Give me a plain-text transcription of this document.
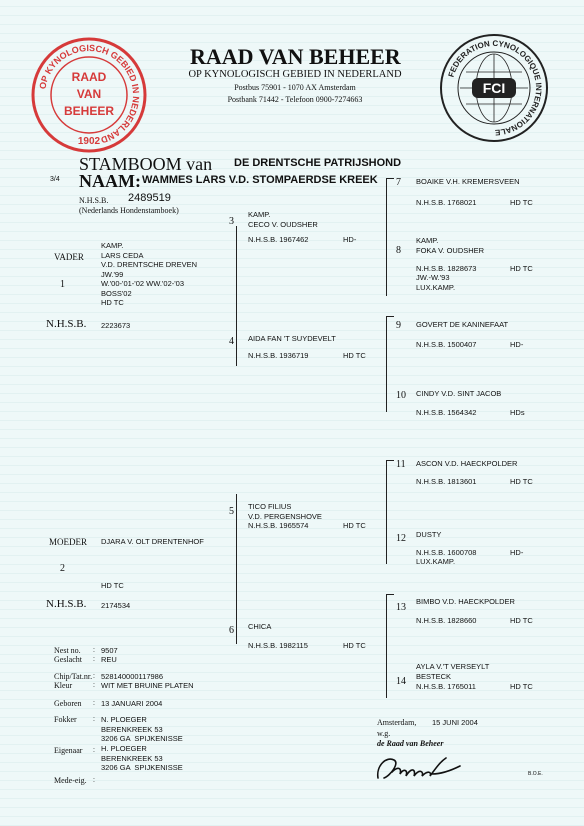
OP KYNOLOGISCH GEBIED IN NEDERLAND
RAAD
VAN
BEHEER
1902
FEDERATION CYNOLOGIQUE INTERNATIONALE
FCI
RAAD VAN BEHEER
OP KYNOLOGISCH GEBIED IN NEDERLAND
Postbus 75901 - 1070 AX Amsterdam
Postbank 71442 - Telefoon 0900-7274663
3/4
STAMBOOM van DE DRENTSCHE PATRIJSHOND
NAAM: WAMMES LARS V.D. STOMPAERDSE KREEK
N.H.S.B. 2489519
(Nederlands Hondenstamboek)
VADER
1
KAMP.
LARS CEDA
V.D. DRENTSCHE DREVEN
JW.'99
W.'00-'01-'02 WW.'02-'03
BOSS'02
HD TC
N.H.S.B. 2223673
MOEDER DJARA V. OLT DRENTENHOF
2
HD TC
N.H.S.B. 2174534
3
KAMP.
CECO V. OUDSHER
N.H.S.B. 1967462	HD-
4 AIDA FAN 'T SUYDEVELT
N.H.S.B. 1936719	HD TC
5 TICO FILIUS
V.D. PERGENSHOVE
N.H.S.B. 1965574	HD TC
6 CHICA
N.H.S.B. 1982115	HD TC
7 BOAIKE V.H. KREMERSVEEN
N.H.S.B. 1768021	HD TC
8
KAMP.
FOKA V. OUDSHER
N.H.S.B. 1828673	HD TC
JW.-W.'93
LUX.KAMP.
9 GOVERT DE KANINEFAAT
N.H.S.B. 1500407	HD-
10 CINDY V.D. SINT JACOB
N.H.S.B. 1564342	HDs
11 ASCON V.D. HAECKPOLDER
N.H.S.B. 1813601	HD TC
12 DUSTY
N.H.S.B. 1600708	HD-
LUX.KAMP.
13
BIMBO V.D. HAECKPOLDER
N.H.S.B. 1828660	HD TC
14
AYLA V.'T VERSEYLT
BESTECK
N.H.S.B. 1765011	HD TC
Nest no. : 9507
Geslacht : REU
Chip/Tat.nr. : 528140000117986
Kleur	: WIT MET BRUINE PLATEN
Geboren : 13 JANUARI 2004
Fokker : N. PLOEGER
BERENKREEK 53
3206 GA  SPIJKENISSE
Eigenaar : H. PLOEGER
BERENKREEK 53
3206 GA  SPIJKENISSE
Mede-eig. :
Amsterdam, 15 JUNI 2004
w.g.
de Raad van Beheer
B.O.E.
